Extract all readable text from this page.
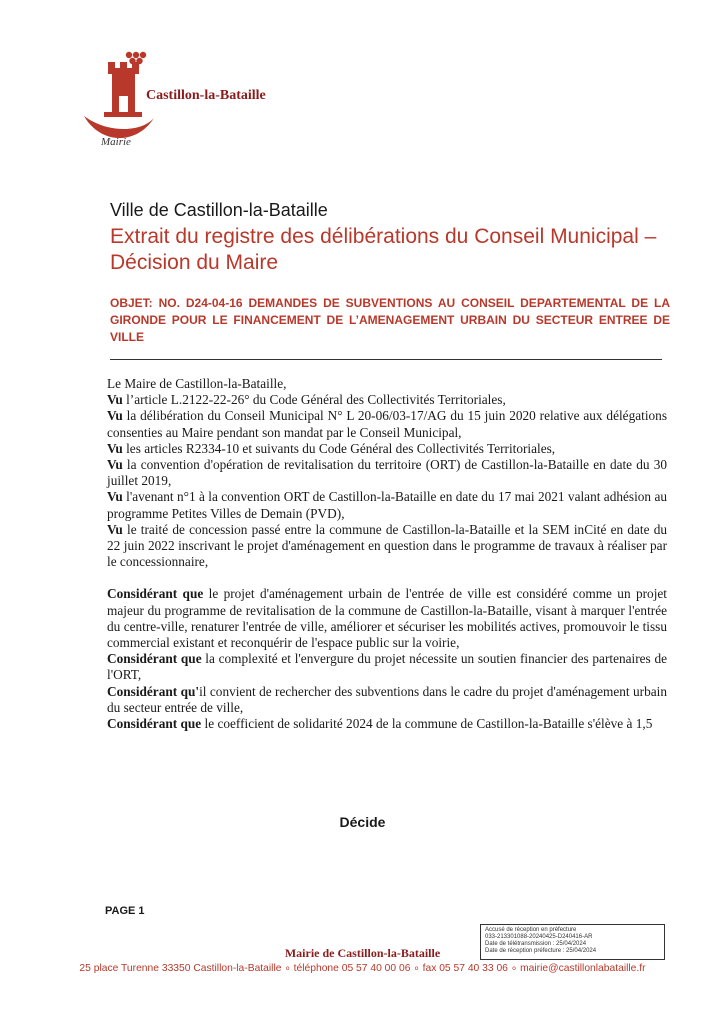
Castillon-la-Bataille
Mairie
Ville de Castillon-la-Bataille
Extrait du registre des délibérations du Conseil Municipal – Décision du Maire
OBJET: NO. D24-04-16 DEMANDES DE SUBVENTIONS AU CONSEIL DEPARTEMENTAL DE LA GIRONDE POUR LE FINANCEMENT DE L’AMENAGEMENT URBAIN DU SECTEUR ENTREE DE VILLE

Le Maire de Castillon-la-Bataille,

Vu l’article L.2122-22-26° du Code Général des Collectivités Territoriales,

Vu la délibération du Conseil Municipal N° L 20-06/03-17/AG du 15 juin 2020 relative aux délégations consenties au Maire pendant son mandat par le Conseil Municipal,

Vu les articles R2334-10 et suivants du Code Général des Collectivités Territoriales,

Vu la convention d'opération de revitalisation du territoire (ORT) de Castillon-la-Bataille en date du 30 juillet 2019,

Vu l'avenant n°1 à la convention ORT de Castillon-la-Bataille en date du 17 mai 2021 valant adhésion au programme Petites Villes de Demain (PVD),

Vu le traité de concession passé entre la commune de Castillon-la-Bataille et la SEM inCité en date du 22 juin 2022 inscrivant le projet d'aménagement en question dans le programme de travaux à réaliser par le concessionnaire,

Considérant que le projet d'aménagement urbain de l'entrée de ville est considéré comme un projet majeur du programme de revitalisation de la commune de Castillon-la-Bataille, visant à marquer l'entrée du centre-ville, renaturer l'entrée de ville, améliorer et sécuriser les mobilités actives, promouvoir le tissu commercial existant et reconquérir de l'espace public sur la voirie,

Considérant que la complexité et l'envergure du projet nécessite un soutien financier des partenaires de l'ORT,

Considérant qu'il convient de rechercher des subventions dans le cadre du projet d'aménagement urbain du secteur entrée de ville,

Considérant que le coefficient de solidarité 2024 de la commune de Castillon-la-Bataille s'élève à 1,5

Décide
PAGE 1
Accusé de réception en préfecture
033-213301088-20240425-D240416-AR
Date de télétransmission : 25/04/2024
Date de réception préfecture : 25/04/2024
Mairie de Castillon-la-Bataille
25 place Turenne 33350 Castillon-la-Bataille ∘ téléphone 05 57 40 00 06 ∘ fax 05 57 40 33 06 ∘ mairie@castillonlabataille.fr
